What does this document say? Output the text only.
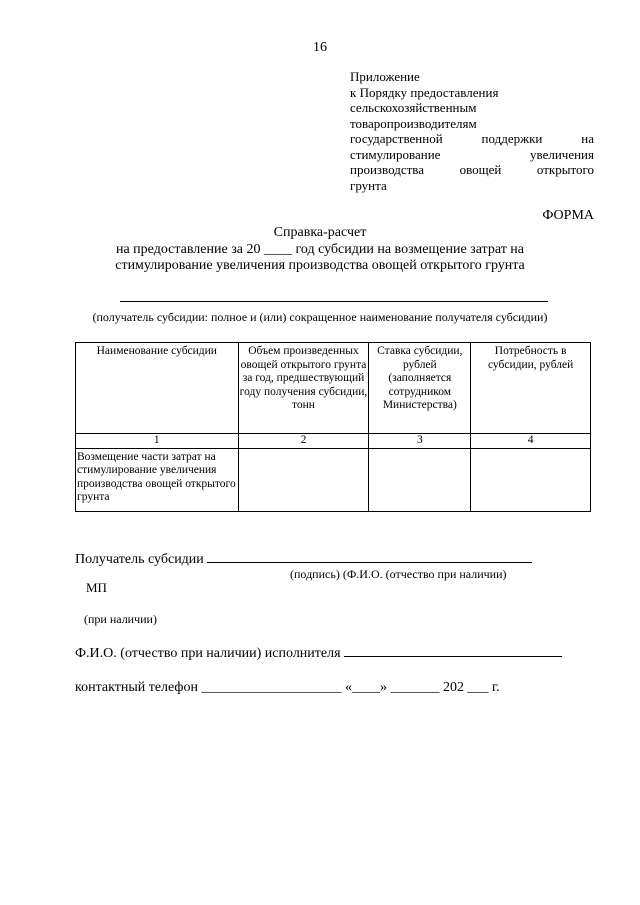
16
Приложение
к Порядку предоставления
сельскохозяйственным
товаропроизводителям
государственной	поддержки	на
стимулирование	увеличения
производства	овощей	открытого
грунта
ФОРМА
Справка-расчет
на предоставление за 20 ____ год субсидии на возмещение затрат на
стимулирование увеличения производства овощей открытого грунта
(получатель субсидии: полное и (или) сокращенное наименование получателя субсидии)
Наименование субсидии	Объем произведенных овощей открытого грунта за год, предшествующий году получения субсидии, тонн	Ставка субсидии, рублей (заполняется сотрудником Министерства)	Потребность в субсидии, рублей
1	2	3	4
Возмещение части затрат на стимулирование увеличения производства овощей открытого грунта			
Получатель субсидии
(подпись) (Ф.И.О. (отчество при наличии)
МП
(при наличии)
Ф.И.О. (отчество при наличии) исполнителя
контактный телефон ____________________ «____» _______ 202 ___ г.
